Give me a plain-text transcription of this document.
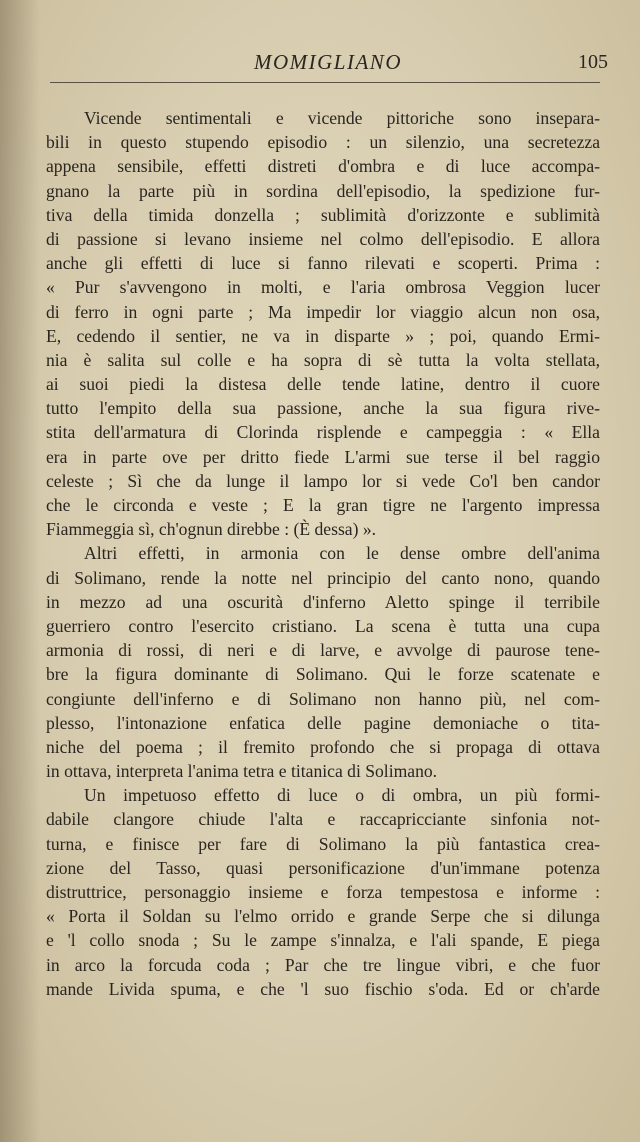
MOMIGLIANO	105
Vicende sentimentali e vicende pittoriche sono insepara-
bili in questo stupendo episodio : un silenzio, una secretezza
appena sensibile, effetti distreti d'ombra e di luce accompa-
gnano la parte più in sordina dell'episodio, la spedizione fur-
tiva della timida donzella ; sublimità d'orizzonte e sublimità
di passione si levano insieme nel colmo dell'episodio. E allora
anche gli effetti di luce si fanno rilevati e scoperti. Prima :
« Pur s'avvengono in molti, e l'aria ombrosa Veggion lucer
di ferro in ogni parte ; Ma impedir lor viaggio alcun non osa,
E, cedendo il sentier, ne va in disparte » ; poi, quando Ermi-
nia è salita sul colle e ha sopra di sè tutta la volta stellata,
ai suoi piedi la distesa delle tende latine, dentro il cuore
tutto l'empito della sua passione, anche la sua figura rive-
stita dell'armatura di Clorinda risplende e campeggia : « Ella
era in parte ove per dritto fiede L'armi sue terse il bel raggio
celeste ; Sì che da lunge il lampo lor si vede Co'l ben candor
che le circonda e veste ; E la gran tigre ne l'argento impressa
Fiammeggia sì, ch'ognun direbbe : (È dessa) ».
Altri effetti, in armonia con le dense ombre dell'anima
di Solimano, rende la notte nel principio del canto nono, quando
in mezzo ad una oscurità d'inferno Aletto spinge il terribile
guerriero contro l'esercito cristiano. La scena è tutta una cupa
armonia di rossi, di neri e di larve, e avvolge di paurose tene-
bre la figura dominante di Solimano. Qui le forze scatenate e
congiunte dell'inferno e di Solimano non hanno più, nel com-
plesso, l'intonazione enfatica delle pagine demoniache o tita-
niche del poema ; il fremito profondo che si propaga di ottava
in ottava, interpreta l'anima tetra e titanica di Solimano.
Un impetuoso effetto di luce o di ombra, un più formi-
dabile clangore chiude l'alta e raccapricciante sinfonia not-
turna, e finisce per fare di Solimano la più fantastica crea-
zione del Tasso, quasi personificazione d'un'immane potenza
distruttrice, personaggio insieme e forza tempestosa e informe :
« Porta il Soldan su l'elmo orrido e grande Serpe che si dilunga
e 'l collo snoda ; Su le zampe s'innalza, e l'ali spande, E piega
in arco la forcuda coda ; Par che tre lingue vibri, e che fuor
mande Livida spuma, e che 'l suo fischio s'oda. Ed or ch'arde
